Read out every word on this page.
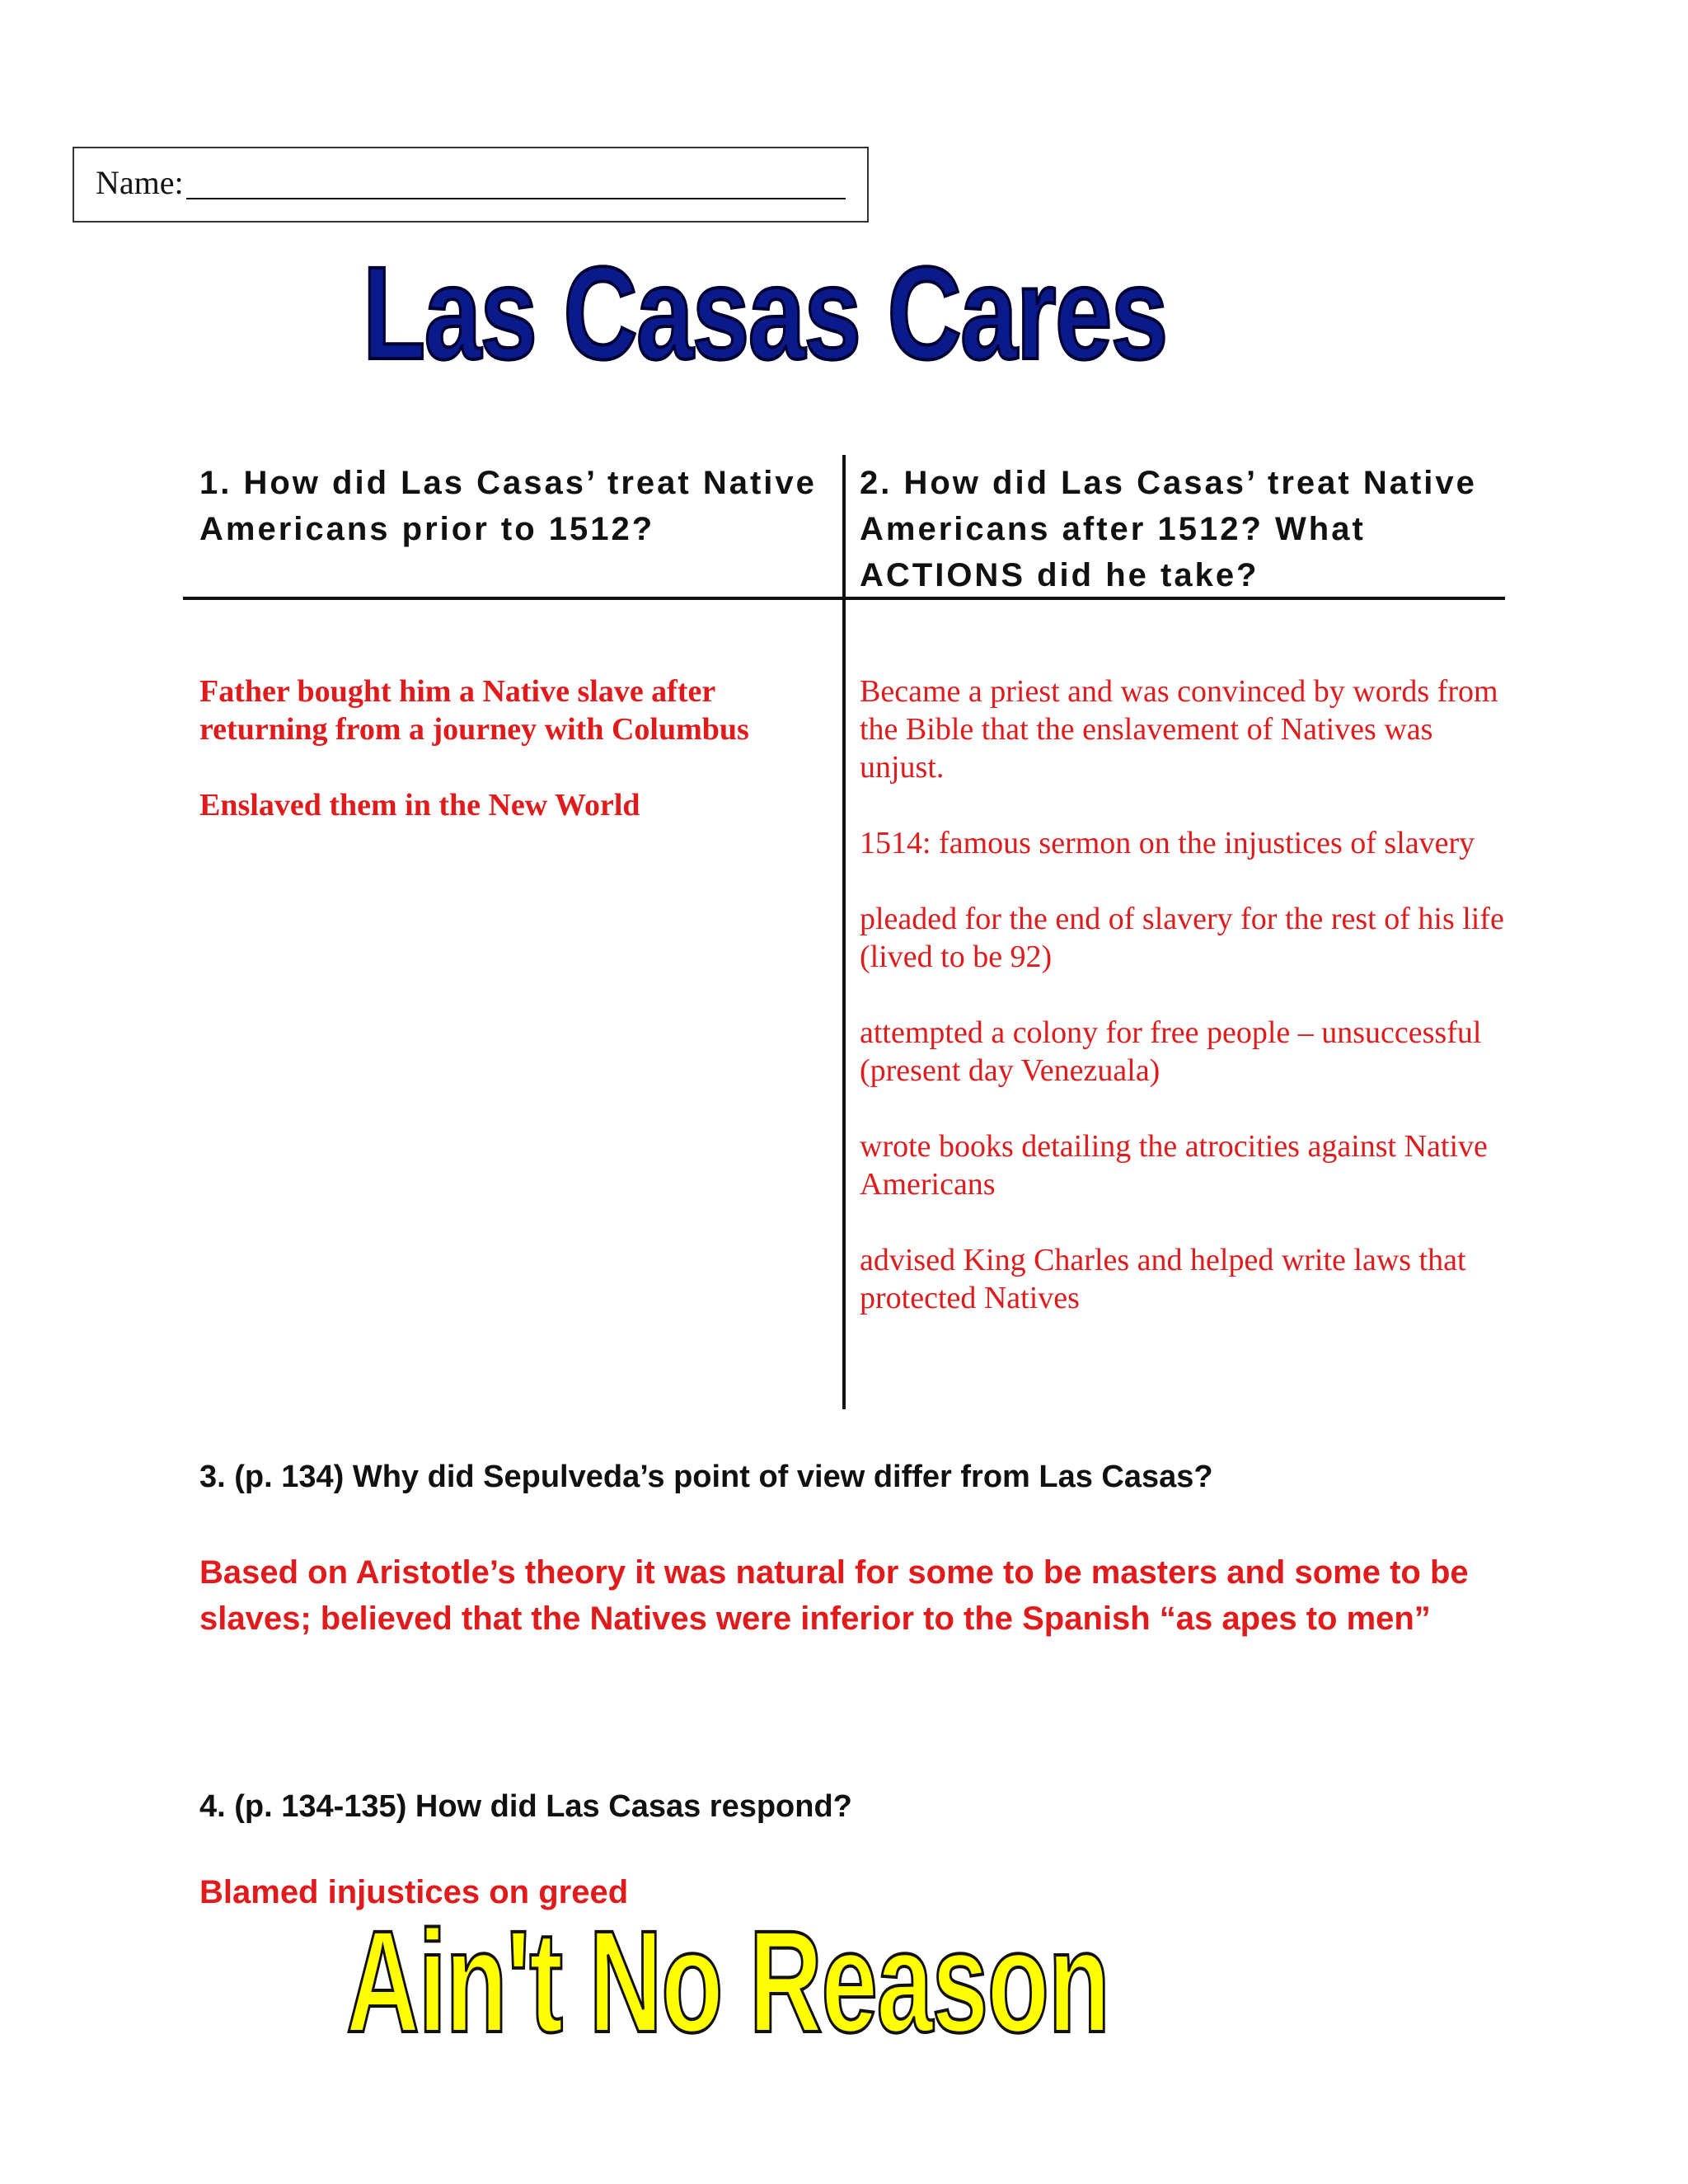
Name:
Las Casas Cares
1. How did Las Casas’ treat Native Americans prior to 1512?
2. How did Las Casas’ treat Native Americans after 1512? What ACTIONS did he take?

Father bought him a Native slave after returning from a journey with Columbus

Enslaved them in the New World

Became a priest and was convinced by words from the Bible that the enslavement of Natives was unjust.

1514: famous sermon on the injustices of slavery

pleaded for the end of slavery for the rest of his life (lived to be 92)

attempted a colony for free people – unsuccessful (present day Venezuala)

wrote books detailing the atrocities against Native Americans

advised King Charles and helped write laws that protected Natives

3. (p. 134) Why did Sepulveda’s point of view differ from Las Casas?
Based on Aristotle’s theory it was natural for some to be masters and some to be slaves; believed that the Natives were inferior to the Spanish “as apes to men”
4. (p. 134-135) How did Las Casas respond?
Blamed injustices on greed
Ain't No Reason
